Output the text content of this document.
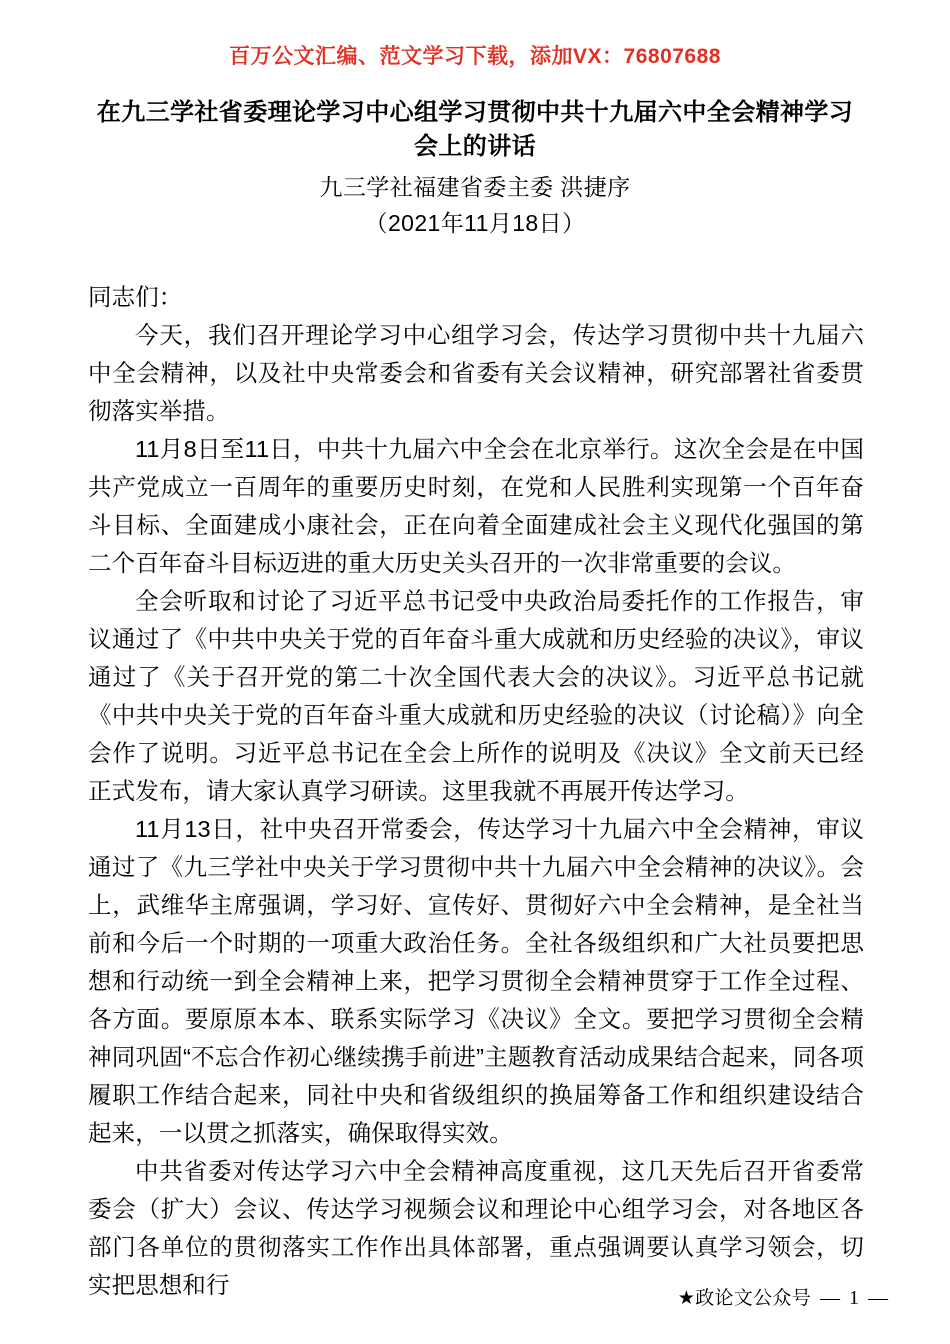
百万公文汇编、范文学习下载，添加VX：76807688
在九三学社省委理论学习中心组学习贯彻中共十九届六中全会精神学习会上的讲话
九三学社福建省委主委 洪捷序
（2021年11月18日）

同志们：

今天，我们召开理论学习中心组学习会，传达学习贯彻中共十九届六中全会精神，以及社中央常委会和省委有关会议精神，研究部署社省委贯彻落实举措。

11月8日至11日，中共十九届六中全会在北京举行。这次全会是在中国共产党成立一百周年的重要历史时刻，在党和人民胜利实现第一个百年奋斗目标、全面建成小康社会，正在向着全面建成社会主义现代化强国的第二个百年奋斗目标迈进的重大历史关头召开的一次非常重要的会议。

全会听取和讨论了习近平总书记受中央政治局委托作的工作报告，审议通过了《中共中央关于党的百年奋斗重大成就和历史经验的决议》，审议通过了《关于召开党的第二十次全国代表大会的决议》。习近平总书记就《中共中央关于党的百年奋斗重大成就和历史经验的决议（讨论稿）》向全会作了说明。习近平总书记在全会上所作的说明及《决议》全文前天已经正式发布，请大家认真学习研读。这里我就不再展开传达学习。

11月13日，社中央召开常委会，传达学习十九届六中全会精神，审议通过了《九三学社中央关于学习贯彻中共十九届六中全会精神的决议》。会上，武维华主席强调，学习好、宣传好、贯彻好六中全会精神，是全社当前和今后一个时期的一项重大政治任务。全社各级组织和广大社员要把思想和行动统一到全会精神上来，把学习贯彻全会精神贯穿于工作全过程、各方面。要原原本本、联系实际学习《决议》全文。要把学习贯彻全会精神同巩固“不忘合作初心继续携手前进”主题教育活动成果结合起来，同各项履职工作结合起来，同社中央和省级组织的换届筹备工作和组织建设结合起来，一以贯之抓落实，确保取得实效。

中共省委对传达学习六中全会精神高度重视，这几天先后召开省委常委会（扩大）会议、传达学习视频会议和理论中心组学习会，对各地区各部门各单位的贯彻落实工作作出具体部署，重点强调要认真学习领会，切实把思想和行

★政论文公众号 — 1 —
